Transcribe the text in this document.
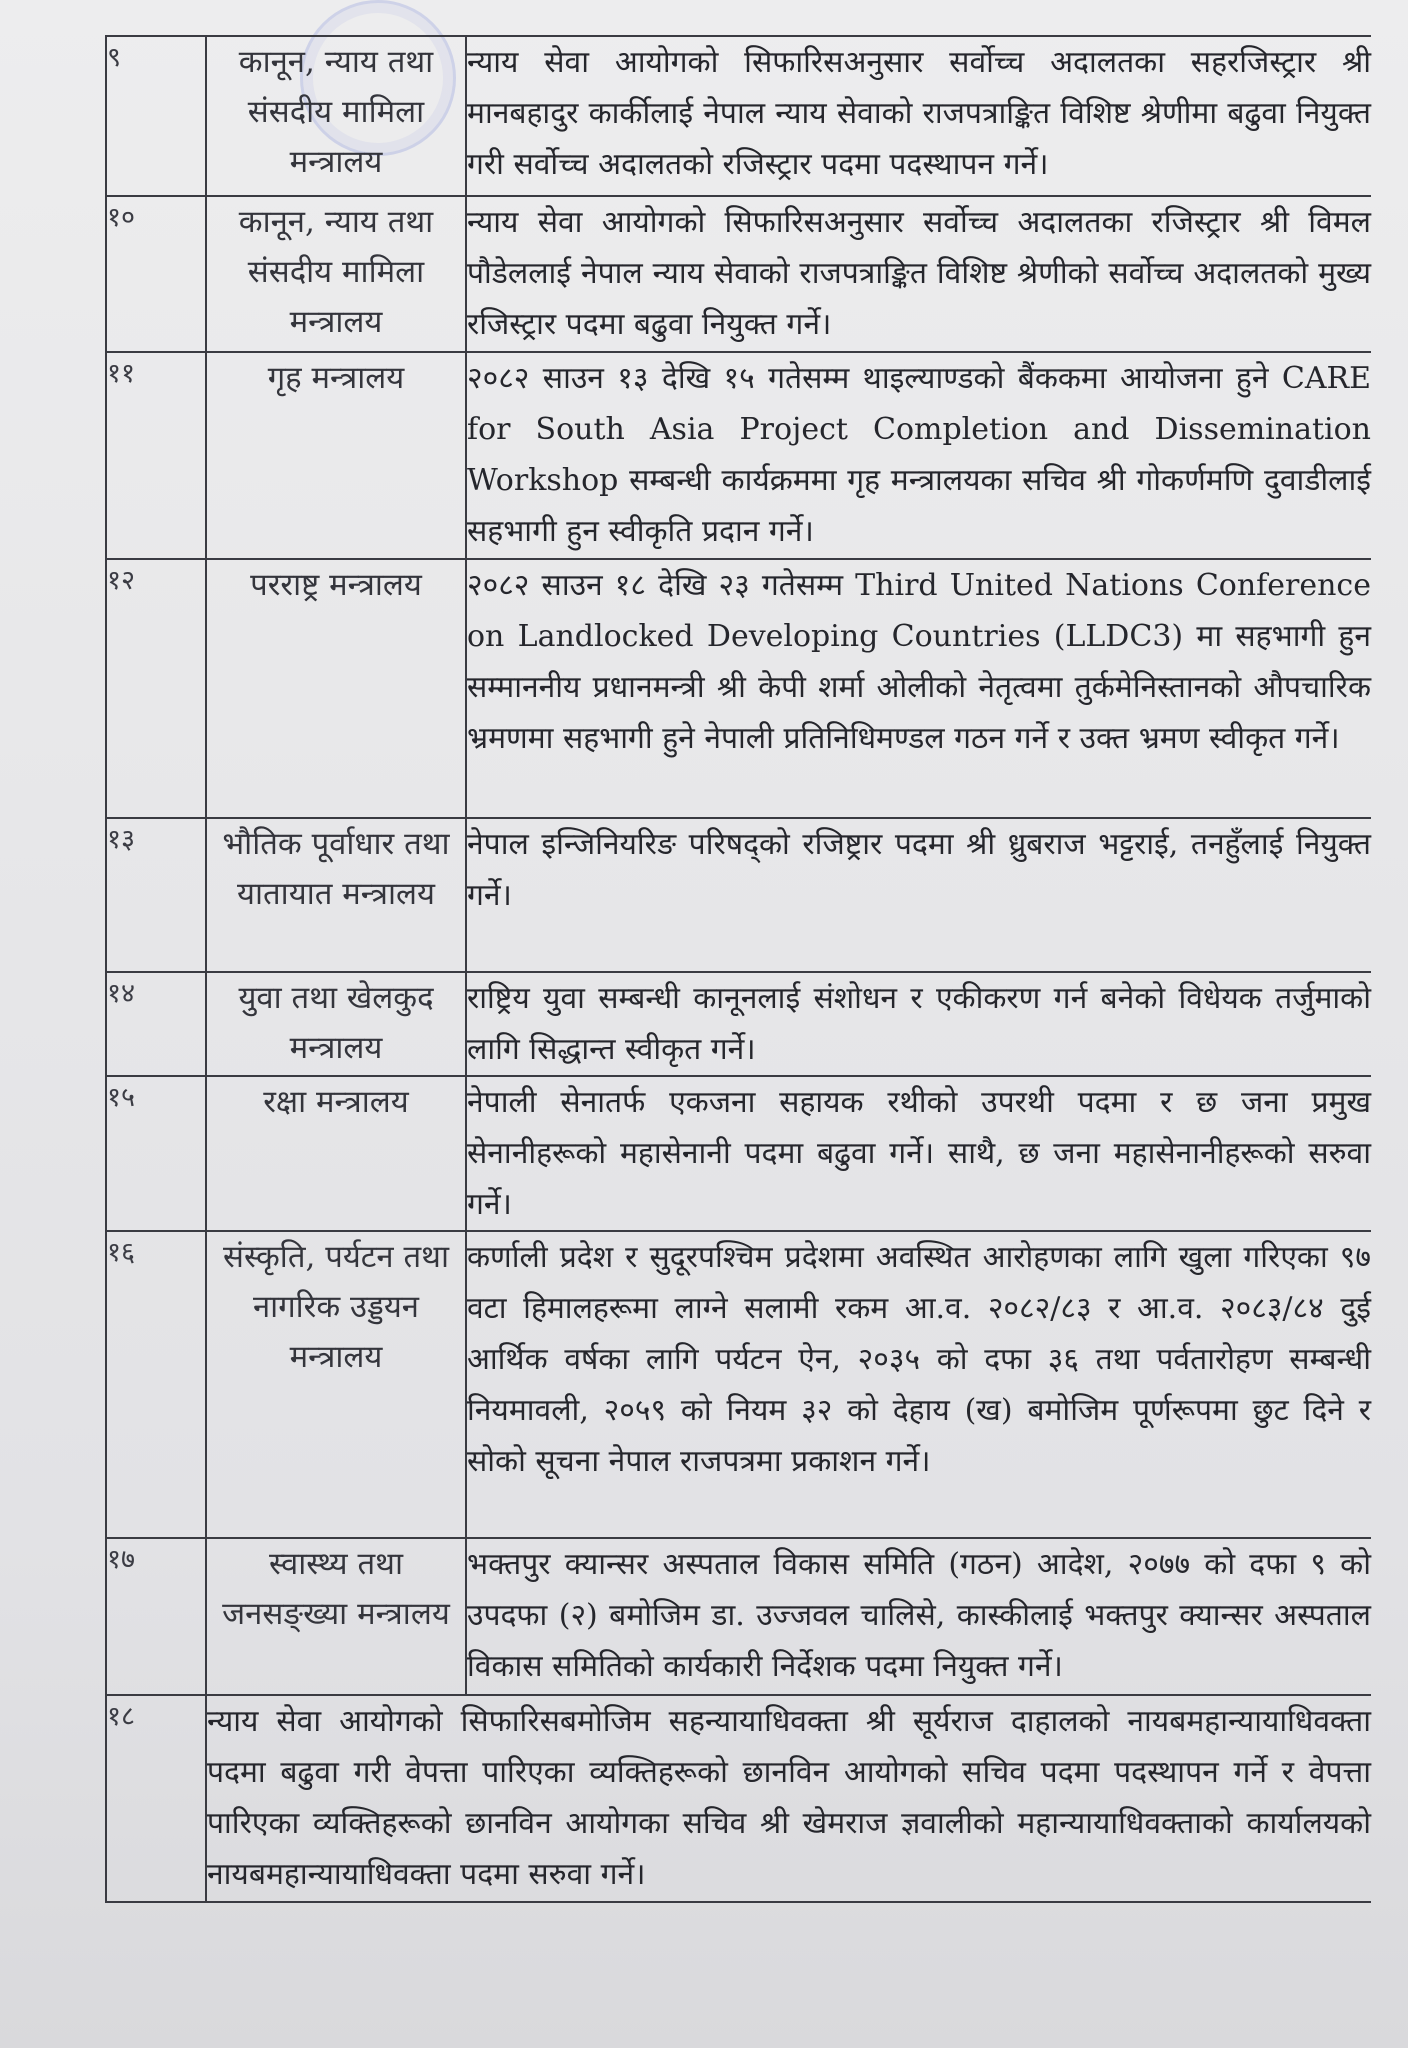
९	कानून, न्याय तथा संसदीय मामिला मन्त्रालय	न्याय सेवा आयोगको सिफारिसअनुसार सर्वोच्च अदालतका सहरजिस्ट्रार श्री मानबहादुर कार्कीलाई नेपाल न्याय सेवाको राजपत्राङ्कित विशिष्ट श्रेणीमा बढुवा नियुक्त गरी सर्वोच्च अदालतको रजिस्ट्रार पदमा पदस्थापन गर्ने।
१०	कानून, न्याय तथा संसदीय मामिला मन्त्रालय	न्याय सेवा आयोगको सिफारिसअनुसार सर्वोच्च अदालतका रजिस्ट्रार श्री विमल पौडेललाई नेपाल न्याय सेवाको राजपत्राङ्कित विशिष्ट श्रेणीको सर्वोच्च अदालतको मुख्य रजिस्ट्रार पदमा बढुवा नियुक्त गर्ने।
११	गृह मन्त्रालय	२०८२ साउन १३ देखि १५ गतेसम्म थाइल्याण्डको बैंककमा आयोजना हुने CARE for South Asia Project Completion and Dissemination Workshop सम्बन्धी कार्यक्रममा गृह मन्त्रालयका सचिव श्री गोकर्णमणि दुवाडीलाई सहभागी हुन स्वीकृति प्रदान गर्ने।
१२	परराष्ट्र मन्त्रालय	२०८२ साउन १८ देखि २३ गतेसम्म Third United Nations Conference on Landlocked Developing Countries (LLDC3) मा सहभागी हुन सम्माननीय प्रधानमन्त्री श्री केपी शर्मा ओलीको नेतृत्वमा तुर्कमेनिस्तानको औपचारिक भ्रमणमा सहभागी हुने नेपाली प्रतिनिधिमण्डल गठन गर्ने र उक्त भ्रमण स्वीकृत गर्ने।
१३	भौतिक पूर्वाधार तथा यातायात मन्त्रालय	नेपाल इन्जिनियरिङ परिषद्को रजिष्ट्रार पदमा श्री ध्रुबराज भट्टराई, तनहुँलाई नियुक्त गर्ने।
१४	युवा तथा खेलकुद मन्त्रालय	राष्ट्रिय युवा सम्बन्धी कानूनलाई संशोधन र एकीकरण गर्न बनेको विधेयक तर्जुमाको लागि सिद्धान्त स्वीकृत गर्ने।
१५	रक्षा मन्त्रालय	नेपाली सेनातर्फ एकजना सहायक रथीको उपरथी पदमा र छ जना प्रमुख सेनानीहरूको महासेनानी पदमा बढुवा गर्ने। साथै, छ जना महासेनानीहरूको सरुवा गर्ने।
१६	संस्कृति, पर्यटन तथा नागरिक उड्डयन मन्त्रालय	कर्णाली प्रदेश र सुदूरपश्चिम प्रदेशमा अवस्थित आरोहणका लागि खुला गरिएका ९७ वटा हिमालहरूमा लाग्ने सलामी रकम आ.व. २०८२/८३ र आ.व. २०८३/८४ दुई आर्थिक वर्षका लागि पर्यटन ऐन, २०३५ को दफा ३६ तथा पर्वतारोहण सम्बन्धी नियमावली, २०५९ को नियम ३२ को देहाय (ख) बमोजिम पूर्णरूपमा छुट दिने र सोको सूचना नेपाल राजपत्रमा प्रकाशन गर्ने।
१७	स्वास्थ्य तथा जनसङ्ख्या मन्त्रालय	भक्तपुर क्यान्सर अस्पताल विकास समिति (गठन) आदेश, २०७७ को दफा ९ को उपदफा (२) बमोजिम डा. उज्जवल चालिसे, कास्कीलाई भक्तपुर क्यान्सर अस्पताल विकास समितिको कार्यकारी निर्देशक पदमा नियुक्त गर्ने।
१८	न्याय सेवा आयोगको सिफारिसबमोजिम सहन्यायाधिवक्ता श्री सूर्यराज दाहालको नायबमहान्यायाधिवक्ता पदमा बढुवा गरी वेपत्ता पारिएका व्यक्तिहरूको छानविन आयोगको सचिव पदमा पदस्थापन गर्ने र वेपत्ता पारिएका व्यक्तिहरूको छानविन आयोगका सचिव श्री खेमराज ज्ञवालीको महान्यायाधिवक्ताको कार्यालयको नायबमहान्यायाधिवक्ता पदमा सरुवा गर्ने।	
